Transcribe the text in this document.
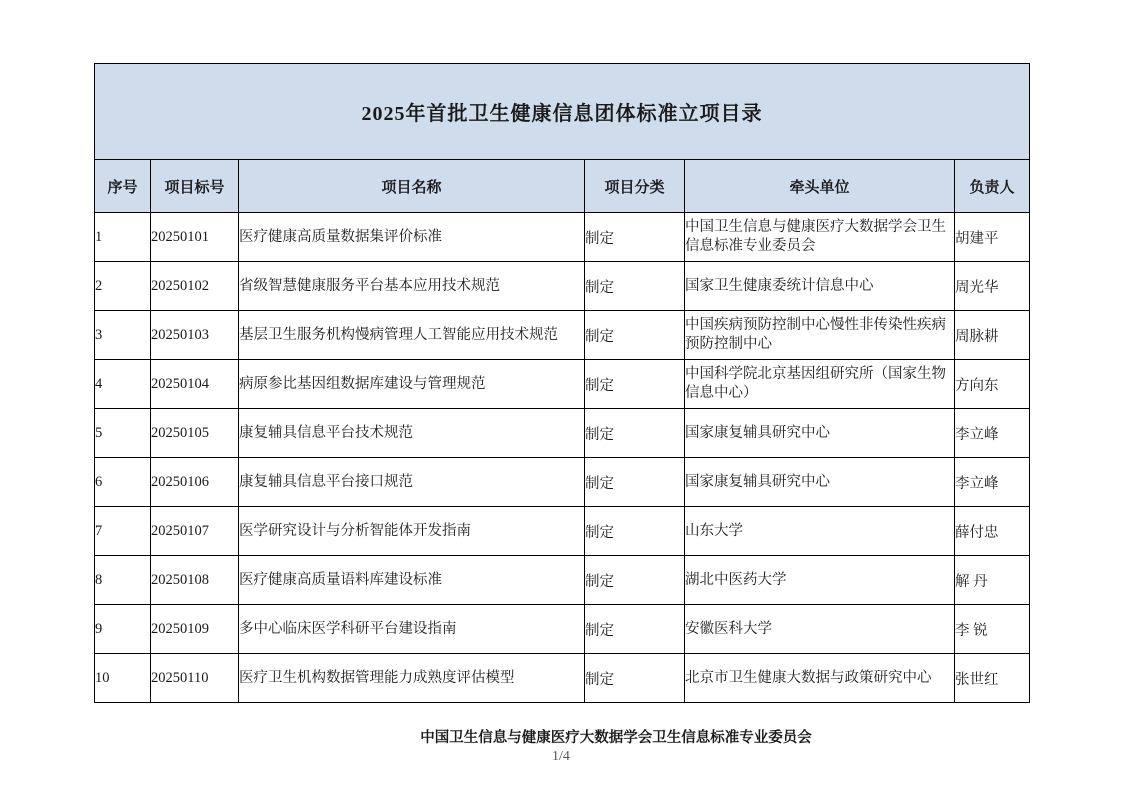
2025年首批卫生健康信息团体标准立项目录					
序号	项目标号	项目名称	项目分类	牵头单位	负责人
1	20250101	医疗健康高质量数据集评价标准	制定	中国卫生信息与健康医疗大数据学会卫生信息标准专业委员会	胡建平
2	20250102	省级智慧健康服务平台基本应用技术规范	制定	国家卫生健康委统计信息中心	周光华
3	20250103	基层卫生服务机构慢病管理人工智能应用技术规范	制定	中国疾病预防控制中心慢性非传染性疾病预防控制中心	周脉耕
4	20250104	病原参比基因组数据库建设与管理规范	制定	中国科学院北京基因组研究所（国家生物信息中心）	方向东
5	20250105	康复辅具信息平台技术规范	制定	国家康复辅具研究中心	李立峰
6	20250106	康复辅具信息平台接口规范	制定	国家康复辅具研究中心	李立峰
7	20250107	医学研究设计与分析智能体开发指南	制定	山东大学	薛付忠
8	20250108	医疗健康高质量语料库建设标准	制定	湖北中医药大学	解 丹
9	20250109	多中心临床医学科研平台建设指南	制定	安徽医科大学	李 锐
10	20250110	医疗卫生机构数据管理能力成熟度评估模型	制定	北京市卫生健康大数据与政策研究中心	张世红
中国卫生信息与健康医疗大数据学会卫生信息标准专业委员会
1/4
